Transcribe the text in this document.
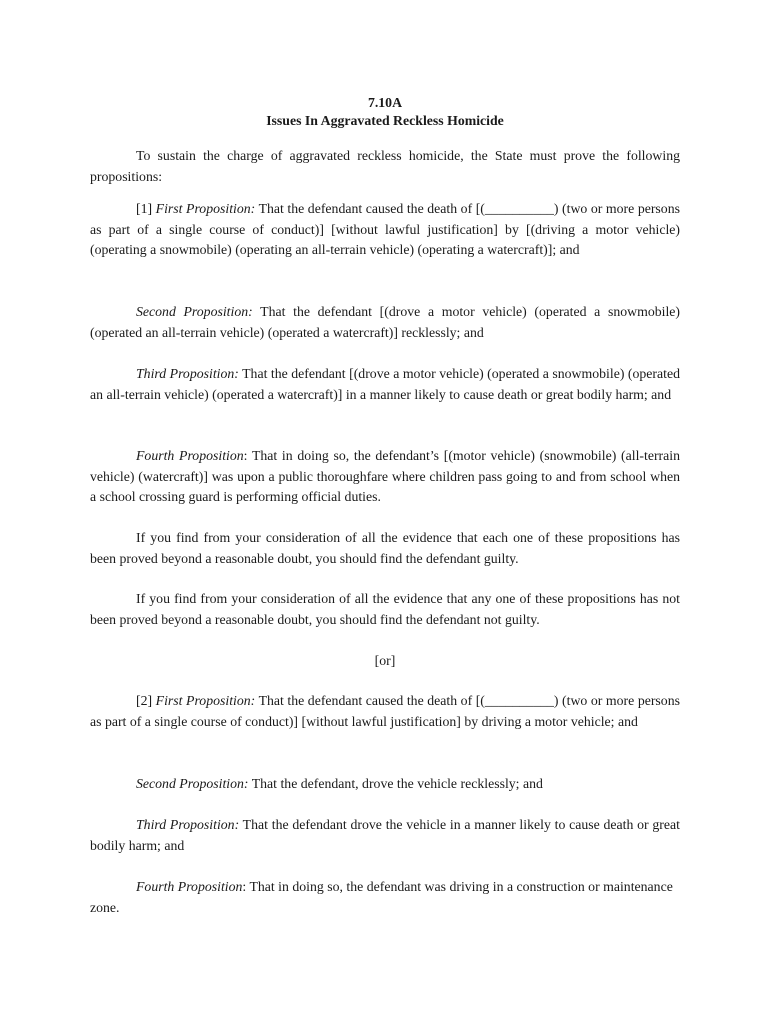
7.10A
Issues In Aggravated Reckless Homicide
To sustain the charge of aggravated reckless homicide, the State must prove the following propositions:
[1] First Proposition: That the defendant caused the death of [(__________) (two or more persons as part of a single course of conduct)] [without lawful justification] by [(driving a motor vehicle) (operating a snowmobile) (operating an all-terrain vehicle) (operating a watercraft)]; and
Second Proposition: That the defendant [(drove a motor vehicle) (operated a snowmobile) (operated an all-terrain vehicle) (operated a watercraft)] recklessly; and
Third Proposition: That the defendant [(drove a motor vehicle) (operated a snowmobile) (operated an all-terrain vehicle) (operated a watercraft)] in a manner likely to cause death or great bodily harm; and
Fourth Proposition: That in doing so, the defendant’s [(motor vehicle) (snowmobile) (all-terrain vehicle) (watercraft)] was upon a public thoroughfare where children pass going to and from school when a school crossing guard is performing official duties.
If you find from your consideration of all the evidence that each one of these propositions has been proved beyond a reasonable doubt, you should find the defendant guilty.
If you find from your consideration of all the evidence that any one of these propositions has not been proved beyond a reasonable doubt, you should find the defendant not guilty.
[or]
[2] First Proposition: That the defendant caused the death of [(__________) (two or more persons as part of a single course of conduct)] [without lawful justification] by driving a motor vehicle; and
Second Proposition: That the defendant, drove the vehicle recklessly; and
Third Proposition: That the defendant drove the vehicle in a manner likely to cause death or great bodily harm; and
Fourth Proposition: That in doing so, the defendant was driving in a construction or maintenance zone.
